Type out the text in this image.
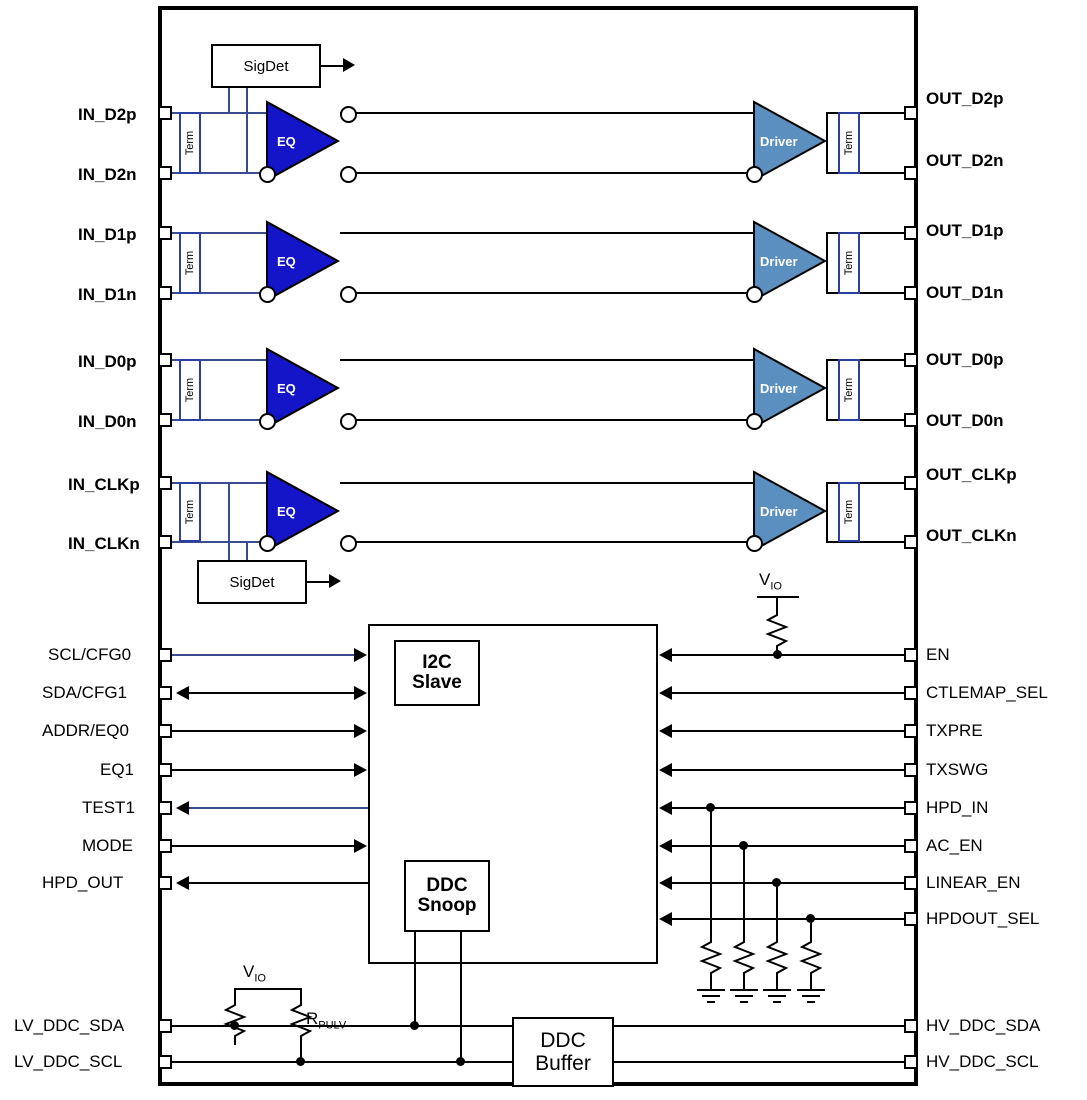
IN_D2p
IN_D2n
Term
SigDet
EQ	Driver	Term
OUT_D2p
OUT_D2n
IN_D1p
IN_D1n
Term	EQ	Driver	Term
OUT_D1p
OUT_D1n
IN_D0p
IN_D0n
Term	EQ	Driver	Term
OUT_D0p
OUT_D0n
IN_CLKp
IN_CLKn
Term
SigDet
EQ	Driver	Term
OUT_CLKp
OUT_CLKn
I2C
Slave
DDC
Snoop
SCL/CFG0
SDA/CFG1
ADDR/EQ0
EQ1
TEST1
MODE
HPD_OUT
EN
$V_{IO}$
CTLEMAP_SEL
TXPRE
TXSWG
HPD_IN
AC_EN
LINEAR_EN
HPDOUT_SEL
DDC
Buffer
LV_DDC_SDA
LV_DDC_SCL
HV_DDC_SDA
HV_DDC_SCL
$V_{IO}$
$R_{PULV}$
